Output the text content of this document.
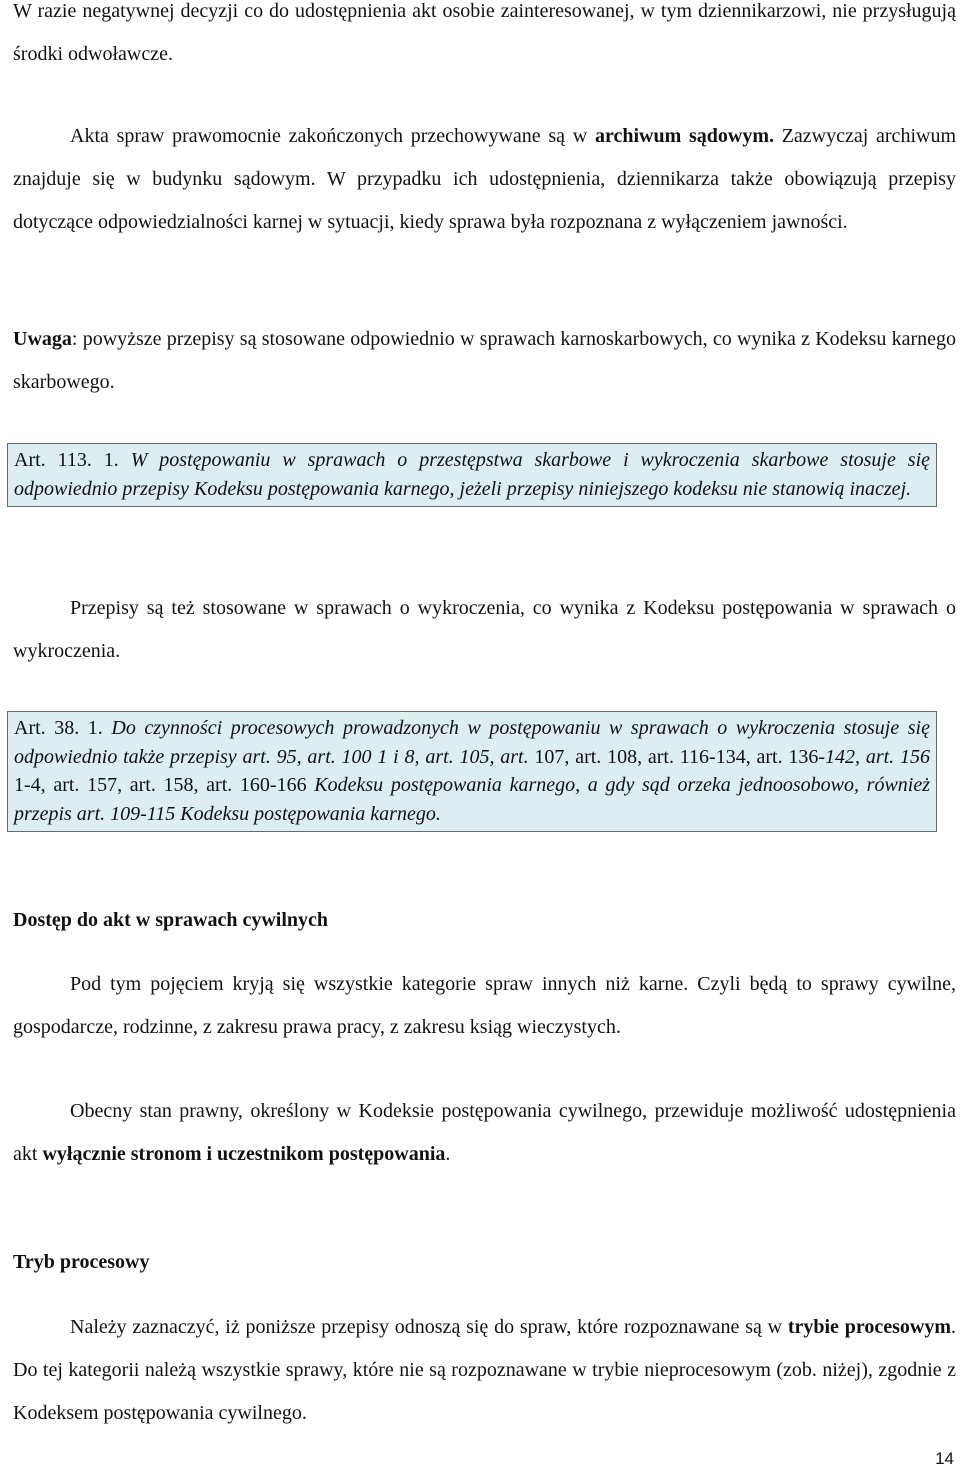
W razie negatywnej decyzji co do udostępnienia akt osobie zainteresowanej, w tym dziennikarzowi, nie przysługują środki odwoławcze.
Akta spraw prawomocnie zakończonych przechowywane są w archiwum sądowym. Zazwyczaj archiwum znajduje się w budynku sądowym. W przypadku ich udostępnienia, dziennikarza także obowiązują przepisy dotyczące odpowiedzialności karnej w sytuacji, kiedy sprawa była rozpoznana z wyłączeniem jawności.
Uwaga: powyższe przepisy są stosowane odpowiednio w sprawach karnoskarbowych, co wynika z Kodeksu karnego skarbowego.
Art. 113. 1. W postępowaniu w sprawach o przestępstwa skarbowe i wykroczenia skarbowe stosuje się odpowiednio przepisy Kodeksu postępowania karnego, jeżeli przepisy niniejszego kodeksu nie stanowią inaczej.
Przepisy są też stosowane w sprawach o wykroczenia, co wynika z Kodeksu postępowania w sprawach o wykroczenia.
Art. 38. 1. Do czynności procesowych prowadzonych w postępowaniu w sprawach o wykroczenia stosuje się odpowiednio także przepisy art. 95, art. 100 1 i 8, art. 105, art. 107, art. 108, art. 116-134, art. 136-142, art. 156 1-4, art. 157, art. 158, art. 160-166 Kodeksu postępowania karnego, a gdy sąd orzeka jednoosobowo, również przepis art. 109-115 Kodeksu postępowania karnego.
Dostęp do akt w sprawach cywilnych
Pod tym pojęciem kryją się wszystkie kategorie spraw innych niż karne. Czyli będą to sprawy cywilne, gospodarcze, rodzinne, z zakresu prawa pracy, z zakresu ksiąg wieczystych.
Obecny stan prawny, określony w Kodeksie postępowania cywilnego, przewiduje możliwość udostępnienia akt wyłącznie stronom i uczestnikom postępowania.
Tryb procesowy
Należy zaznaczyć, iż poniższe przepisy odnoszą się do spraw, które rozpoznawane są w trybie procesowym. Do tej kategorii należą wszystkie sprawy, które nie są rozpoznawane w trybie nieprocesowym (zob. niżej), zgodnie z Kodeksem postępowania cywilnego.
14
